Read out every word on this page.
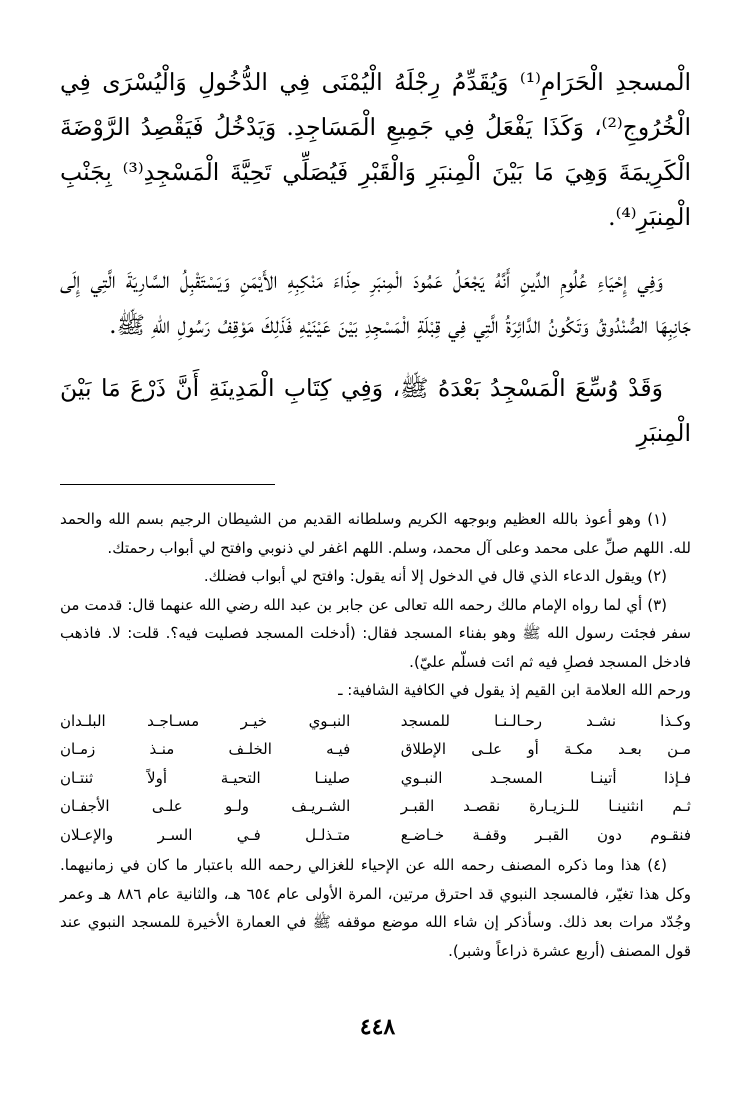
الْمسجدِ الْحَرَامِ⁽¹⁾ وَيُقَدِّمُ رِجْلَهُ الْيُمْنَى فِي الدُّخُولِ وَالْيُسْرَى فِي الْخُرُوجِ⁽²⁾، وَكَذَا يَفْعَلُ فِي جَمِيعِ الْمَسَاجِدِ. وَيَدْخُلُ فَيَقْصِدُ الرَّوْضَةَ الْكَرِيمَةَ وَهِيَ مَا بَيْنَ الْمِنبَرِ وَالْقَبْرِ فَيُصَلِّي تَحِيَّةَ الْمَسْجِدِ⁽³⁾ بِجَنْبِ الْمِنبَرِ⁽⁴⁾.

وَفِي إِحْيَاءِ عُلُومِ الدِّينِ أَنَّهُ يَجْعَلُ عَمُودَ الْمِنبَرِ حِذَاءَ مَنْكِبِهِ الأَيْمَنِ وَيَسْتَقْبِلُ السَّارِيَةَ الَّتِي إِلَى جَانِبِهَا الصُّنْدُوقُ وَتَكُونُ الدَّائِرَةُ الَّتِي فِي قِبْلَةِ الْمَسْجِدِ بَيْنَ عَيْنَيْهِ فَذَلِكَ مَوْقِفُ رَسُولِ اللهِ ﷺ.

وَقَدْ وُسِّعَ الْمَسْجِدُ بَعْدَهُ ﷺ، وَفِي كِتَابِ الْمَدِينَةِ أَنَّ ذَرْعَ مَا بَيْنَ الْمِنبَرِ

(١) وهو أعوذ بالله العظيم وبوجهه الكريم وسلطانه القديم من الشيطان الرجيم بسم الله والحمد لله. اللهم صلِّ على محمد وعلى آل محمد، وسلم. اللهم اغفر لي ذنوبي وافتح لي أبواب رحمتك.

(٢) ويقول الدعاء الذي قال في الدخول إلا أنه يقول: وافتح لي أبواب فضلك.

(٣) أي لما رواه الإمام مالك رحمه الله تعالى عن جابر بن عبد الله رضي الله عنهما قال: قدمت من سفر فجئت رسول الله ﷺ وهو بفناء المسجد فقال: (أدخلت المسجد فصليت فيه؟. قلت: لا. فاذهب فادخل المسجد فصلِ فيه ثم ائت فسلّم عليّ).

ورحم الله العلامة ابن القيم إذ يقول في الكافية الشافية: ـ

وكـذا نشـد رحـالـنـا للمسجد
النبـوي خيـر مسـاجـد البلـدان
مـن بعـد مكـة أو علـى الإطلاق
فيـه الخلـف منـذ زمـان
فـإذا أتينـا المسجـد النبـوي
صلينـا التحيـة أولاً ثنتـان
ثـم انثنينـا للـزيـارة نقصـد القبـر
الشـريـف ولـو علـى الأجفـان
فنقـوم دون القبـر وقفـة خـاضـع
متـذلـل فـي السـر والإعـلان

(٤) هذا وما ذكره المصنف رحمه الله عن الإحياء للغزالي رحمه الله باعتبار ما كان في زمانيهما. وكل هذا تغيّر، فالمسجد النبوي قد احترق مرتين، المرة الأولى عام ٦٥٤ هـ، والثانية عام ٨٨٦ هـ وعمر وجُدّد مرات بعد ذلك. وسأذكر إن شاء الله موضع موقفه ﷺ في العمارة الأخيرة للمسجد النبوي عند قول المصنف (أربع عشرة ذراعاً وشبر).

٤٤٨
